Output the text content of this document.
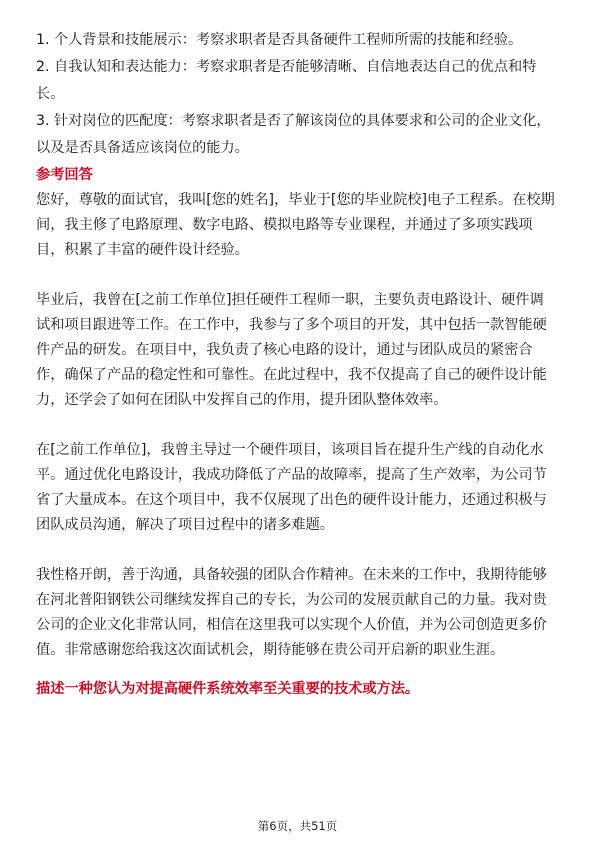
1. 个人背景和技能展示：考察求职者是否具备硬件工程师所需的技能和经验。

2. 自我认知和表达能力：考察求职者是否能够清晰、自信地表达自己的优点和特

长。

3. 针对岗位的匹配度：考察求职者是否了解该岗位的具体要求和公司的企业文化，

以及是否具备适应该岗位的能力。

参考回答

您好，尊敬的面试官，我叫[您的姓名]，毕业于[您的毕业院校]电子工程系。在校期

间，我主修了电路原理、数字电路、模拟电路等专业课程，并通过了多项实践项

目，积累了丰富的硬件设计经验。

毕业后，我曾在[之前工作单位]担任硬件工程师一职，主要负责电路设计、硬件调

试和项目跟进等工作。在工作中，我参与了多个项目的开发，其中包括一款智能硬

件产品的研发。在项目中，我负责了核心电路的设计，通过与团队成员的紧密合

作，确保了产品的稳定性和可靠性。在此过程中，我不仅提高了自己的硬件设计能

力，还学会了如何在团队中发挥自己的作用，提升团队整体效率。

在[之前工作单位]，我曾主导过一个硬件项目，该项目旨在提升生产线的自动化水

平。通过优化电路设计，我成功降低了产品的故障率，提高了生产效率，为公司节

省了大量成本。在这个项目中，我不仅展现了出色的硬件设计能力，还通过积极与

团队成员沟通，解决了项目过程中的诸多难题。

我性格开朗，善于沟通，具备较强的团队合作精神。在未来的工作中，我期待能够

在河北普阳钢铁公司继续发挥自己的专长，为公司的发展贡献自己的力量。我对贵

公司的企业文化非常认同，相信在这里我可以实现个人价值，并为公司创造更多价

值。非常感谢您给我这次面试机会，期待能够在贵公司开启新的职业生涯。

描述一种您认为对提高硬件系统效率至关重要的技术或方法。

第6页，共51页
